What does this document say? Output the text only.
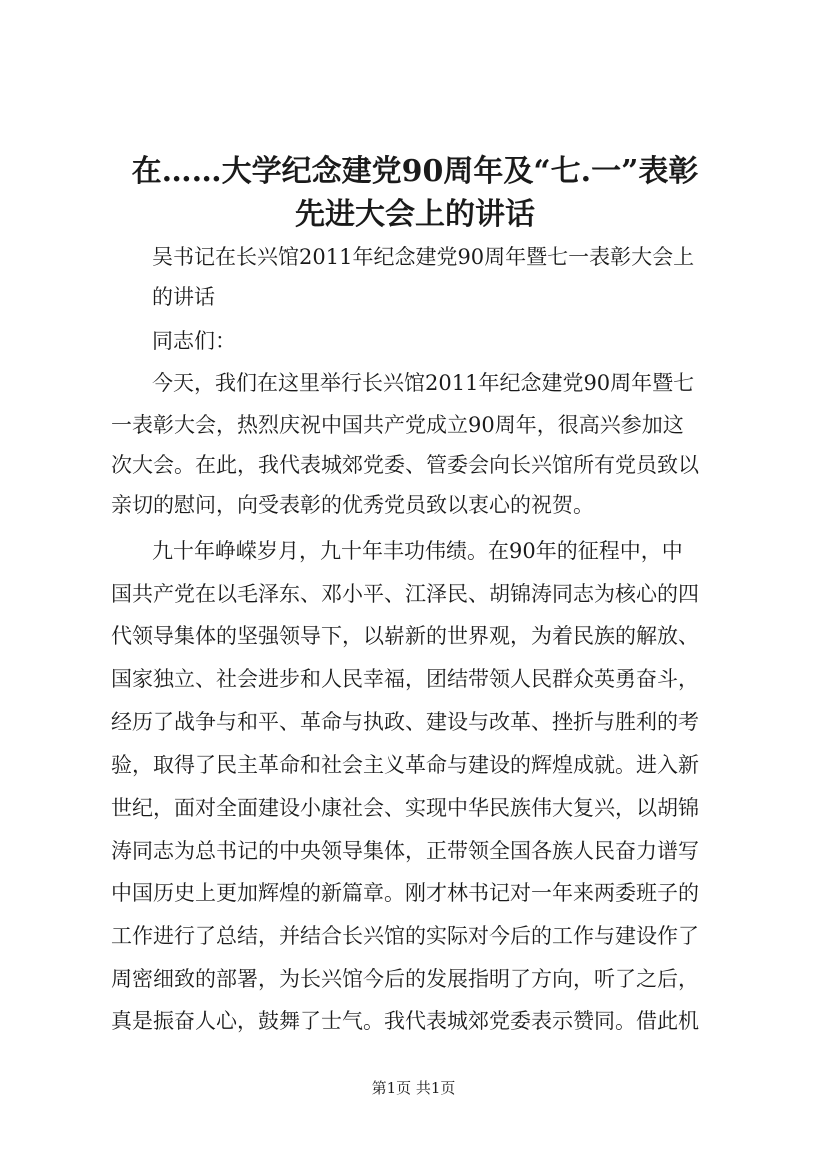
在……大学纪念建党90周年及“七.一”表彰
先进大会上的讲话
吴书记在长兴馆2011年纪念建党90周年暨七一表彰大会上
的讲话
同志们：
今天，我们在这里举行长兴馆2011年纪念建党90周年暨七
一表彰大会，热烈庆祝中国共产党成立90周年，很高兴参加这
次大会。在此，我代表城郊党委、管委会向长兴馆所有党员致以
亲切的慰问，向受表彰的优秀党员致以衷心的祝贺。
九十年峥嵘岁月，九十年丰功伟绩。在90年的征程中，中
国共产党在以毛泽东、邓小平、江泽民、胡锦涛同志为核心的四
代领导集体的坚强领导下，以崭新的世界观，为着民族的解放、
国家独立、社会进步和人民幸福，团结带领人民群众英勇奋斗，
经历了战争与和平、革命与执政、建设与改革、挫折与胜利的考
验，取得了民主革命和社会主义革命与建设的辉煌成就。进入新
世纪，面对全面建设小康社会、实现中华民族伟大复兴，以胡锦
涛同志为总书记的中央领导集体，正带领全国各族人民奋力谱写
中国历史上更加辉煌的新篇章。刚才林书记对一年来两委班子的
工作进行了总结，并结合长兴馆的实际对今后的工作与建设作了
周密细致的部署，为长兴馆今后的发展指明了方向，听了之后，
真是振奋人心，鼓舞了士气。我代表城郊党委表示赞同。借此机
第1页 共1页
